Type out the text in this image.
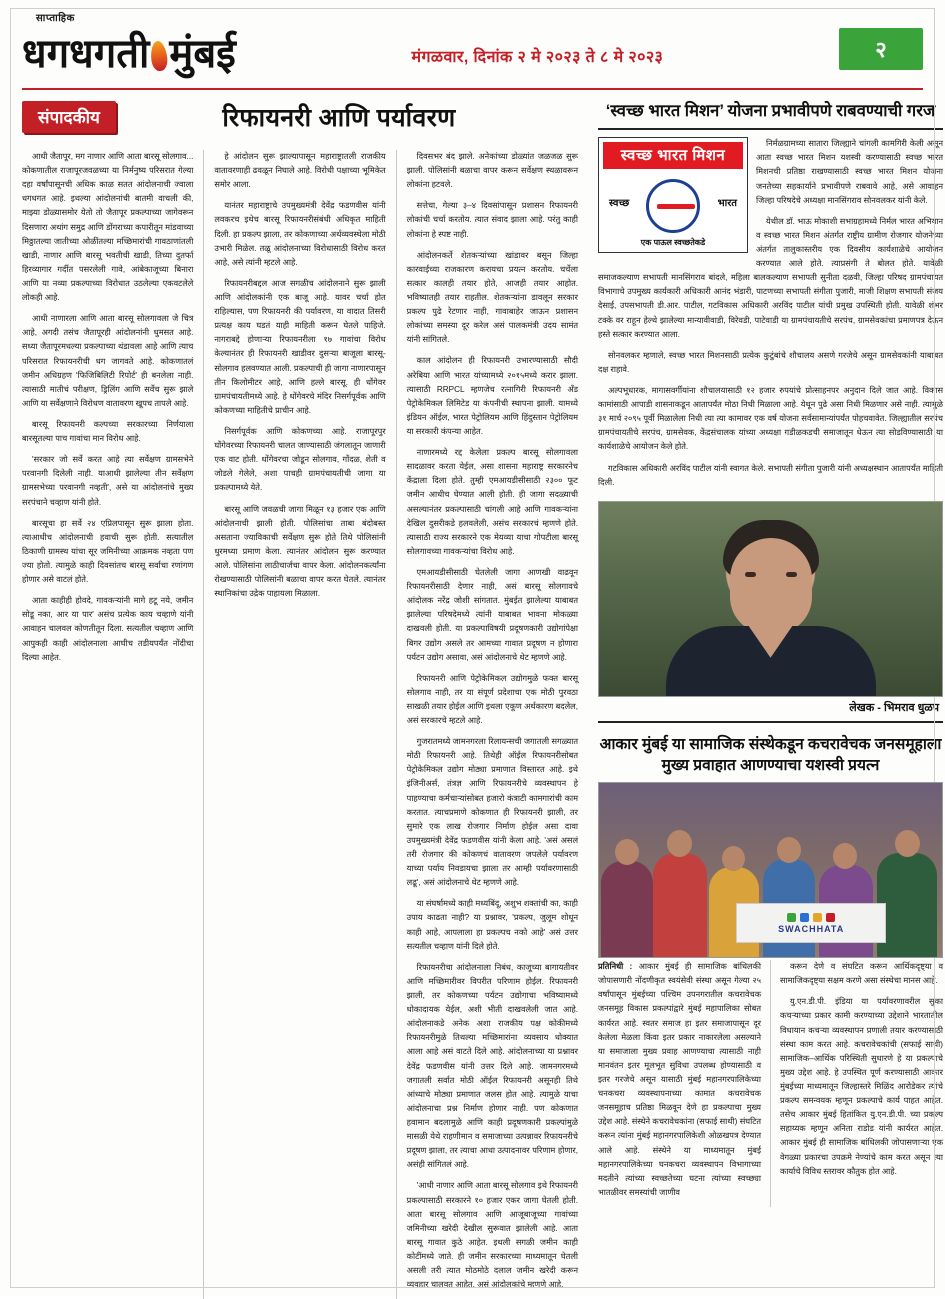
साप्ताहिक
धगधगती मुंबई	मंगळवार, दिनांक २ मे २०२३ ते ८ मे २०२३	२
संपादकीय	रिफायनरी आणि पर्यावरण

आधी जैतापूर, मग नाणार आणि आता बारसू सोलगाव... कोकणातील राजापूरजवळच्या या निर्मनुष्य परिसरात गेल्या दहा वर्षांपासूनची अधिक काळ सतत आंदोलनाची ज्वाला धगधगत आहे. इथल्या आंदोलनांची बातमी वाचली की, माझ्या डोळ्यासमोर येतो तो जैतापूर प्रकल्पाच्या जागेवरून दिसणारा अथांग समुद्र आणि डोंगराच्या कपारीतून मांडवाच्या मिठ्ठातल्या जातीच्या ओळींतल्या मच्छिमारांची गावठाणांतली खाडी, नाणार आणि बारसू भवतीची खाडी, तिच्या दुतर्फा हिरव्यागार गर्दीत पसरलेली गावे, आंबेकाजूच्या बिनारा आणि या नव्या प्रकल्पाच्या विरोधात उठलेल्या एकवटलेले लोकही आहे.

आधी नाणारला आणि आता बारसू सोलगावला जे चित्र आहे, अगदी तसंच जैतापूरही आंदोलनांनी धुमसत आहे. सध्या जैतापूरमधल्या प्रकल्पाच्या थंडावला आहे आणि त्याच परिसरात रिफायनरीची धग जागवते आहे. कोकणातलं जमीन अधिग्रहण 'फिजिबिलिटी रिपोर्ट' ही बनलेला नाही. त्यासाठी मातीचं परीक्षण, ड्रिलिंग आणि सर्वेच सुरू झाले आणि या सर्वेक्षणाने विरोधण वातावरण खूपच तापले आहे.

बारसू रिफायनरी कल्पच्या सरकारच्या निर्णयाला बारसूतल्या पाच गावांचा मान विरोध आहे.

'सरकार जो सर्वे करत आहे त्या सर्वेक्षण ग्रामसभेने परवानगी दिलेली नाही. याआधी झालेल्या तीन सर्वेक्षण ग्रामसभेच्या परवानगी नव्हती', असे या आंदोलनांचे मुख्य सरपंचाने चव्हाण यांनी होते.

बारसूचा हा सर्वे २४ एप्रिलपासून सुरू झाला होता. त्याआधीच आंदोलनाची हवाची सुरू होती. सत्यातील ठिकाणी ग्रामस्थ यांचा सूर जमिनीच्या आक्रमक नव्हता पण ज्या होतो. त्यामुळे काही दिवसांतच बारसू सर्वाचा रणांगण होणार असे वाटलं होते.

आता काहीही होवदे, गावकऱ्यांनी मागे हटू नये, जमीन सोडू नका, आर या पार' असंच प्रत्येक काय चव्हाणे यांनी आवाहन चालवल कोणतीतून दिला. सत्यतील चव्हाण आणि आपुकही काही आंदोलनाला आघीच तडीयपर्यंत नोंदीचा दिल्या आहेत.

हे आंदोलन सुरू झाल्यापासून महाराष्ट्रातली राजकीय वातावरणाही ढवळून निघाले आहे. विरोधी पक्षाच्या भूमिकेत समोर आला.

यानंतर महाराष्ट्राचे उपमुख्यमंत्री देवेंद्र फडणवीस यांनी लवकरच इथेच बारसू रिफायनरीसंबंधी अधिकृत माहिती दिली. हा प्रकल्प झाला, तर कोकणाच्या अर्थव्यवस्थेला मोठी उभारी मिळेल. तळू आंदोलनाच्या विरोधासाठी विरोध करत आहे, असे त्यांनी म्हटले आहे.

रिफायनरीबद्दल आज सगळीच आंदोलनाने सुरू झाली आणि आंदोलकांनी एक बाजू आहे. यावर चर्चा होत राहिल्यास, पण रिफायनरी की पर्यावरण, या वादात तिसरी प्रत्यक्ष काय घडतं याही माहिती करून घेतले पाहिजे. नागराबद्दे होणाऱ्या रिफायनरीला १७ गावांचा विरोध केल्यानंतर ही रिफायनरी खाडीवर दुसऱ्या बाजूला बारसू-सोलगाव हलवण्यात आली. प्रकल्पाची ही जागा नाणारपासून तीन किलोमीटर आहे, आणि हल्ले बारसू. ही धोंगेवर ग्रामपंचायतीमध्ये आहे. हे धोंगेवरचे मंदिर निसर्गपूर्वक आणि कोकणच्या माहितीचे प्राचीन आहे.

निसर्गपूर्वक आणि कोकणच्या आहे. राजापूरपुर घोंगेवरच्या रिफायनरी चालत जाण्यासाठी जंगलातून जाणारी एक वाट होती. धोंगेवरचा जोडून सोलगाव, गोंदळ, शेती व जोडले गेलेले, अशा पाचही ग्रामपंचायतीची जागा या प्रकल्पामध्ये येते.

बारसू आणि जवळची जागा मिळून १३ हजार एक आणि आंदोलनाची झाली होती. पोलिसांचा ताबा बंदोबस्त असताना ज्याविकाची सर्वेक्षण सुरू होते तिथे पोलिसांनी धुरमध्या प्रमाण केला. त्यानंतर आंदोलन सुरू करण्यात आले. पोलिसांना लाठीचार्जचा वापर केला. आंदोलनकर्त्यांना रोखण्यासाठी पोलिसांनी बळाचा वापर करत घेतले. त्यानंतर स्थानिकांचा उद्रेक पाहायला मिळाला.

दिवसभर बंद झाले. अनेकांच्या डोळ्यांत जळजळ सुरू झाली. पोलिसांनी बळाचा वापर करून सर्वेक्षण स्थळावरून लोकांना हटवले.

सत्तेचा, गेल्या ३–४ दिवसांपासून प्रशासन रिफायनरी लोकांची चर्चा करतोय. त्यात संवाद झाला आहे. परंतु काही लोकांना हे स्पष्ट नाही.

आंदोलनकर्ते शेतकऱ्यांच्या खांडावर बसून जिल्हा कारवाईच्या राजकारण करायचा प्रयत्न करतोय. चर्चेला सत्कार कालही तयार होते, आजही तयार आहोत. भविष्यातही तयार राहतील. शेतकऱ्यांना डावलून सरकार प्रकल्प पुढे रेटणार नाही, गावाबाहेर जाऊन प्रशासन लोकांच्या समस्या दूर करेल असं पालकमंत्री उदय सामंत यांनी सांगितले.

काल आंदोलन ही रिफायनरी उभारण्यासाठी सौदी अरेबिया आणि भारत यांच्यामध्ये २०१५मध्ये करार झाला. त्यासाठी RRPCL म्हणजेच रत्नागिरी रिफायनरी अँड पेट्रोकेमिकल लिमिटेड या कंपनीची स्थापना झाली. यामध्ये इंडियन ऑईल, भारत पेट्रोलियम आणि हिंदुस्तान पेट्रोलियम या सरकारी कंपन्या आहेत.

नाणारमध्ये रद्द केलेला प्रकल्प बारसू सोलगावला सादळावर करता येईल, असा शासना महाराष्ट्र सरकारनेच केंद्राला दिला होते. तुम्ही एमआयडीसीसाठी २३०० फूट जमीन आधीच घेण्यात आली होती. ही जागा सदळ्याची असल्यानंतर प्रकल्पासाठी चांगली आहे आणि गावकऱ्यांना देखिल दुसरीकडे हलवलेली, असंच सरकारचं म्हणणे होते. त्यासाठी राज्य सरकारने एक मेयव्या याचा गोपटीला बारसू सोलगावच्या गावकऱ्यांचा विरोध आहे.

एमआयडीसीसाठी घेतलेली जागा आणखी वाढवून रिफायनरीसाठी देणार नाही, असं बारसू सोलगावचे आंदोलक नरेंद्र जोशी सांगतात. मुंबईत झालेल्या याबाबत झालेल्या परिषदेमध्ये त्यांनी याबाबत भावना मोकळ्या दाखवली होती. या प्रकल्पाविषयी प्रदूषणकारी उद्योगांपेक्षा बिगर उद्योग असले तर आमच्या गावात प्रदूषण न होणारा पर्यटन उद्योग असावा, असं आंदोलनाचे थेट म्हणणे आहे.

रिफायनरी आणि पेट्रोकेमिकल उद्योगमुळे फक्त बारसू सोलगाव नाही, तर या संपूर्ण प्रदेशाचा एक मोठी पुरवठा साखळी तयार होईल आणि इथला एकूण अर्थकारण बदलेल, असं सरकारचे म्हटले आहे.

गुजरातमध्ये जामनगरला रिलायन्सची जगातली सगळ्यात मोठी रिफायनरी आहे. तिथेही ऑईल रिफायनरीसोबत पेट्रोकेमिकल उद्योग मोठ्या प्रमाणात विस्तारत आहे. इथे इंजिनीअर्स, तंत्रज्ञ आणि रिफायनरीचे व्यवस्थापन हे पाहण्याचा कर्मचाऱ्यांसोबत हजारो कंत्राटी कामगारांची काम करतात. त्याचप्रमाणे कोकणात ही रिफायनरी झाली, तर सुमारे एक लाख रोजगार निर्माण होईल असा दावा उपमुख्यमंत्री देवेंद्र फडणवीस यांनी केला आहे. 'असं असलं तरी रोजगार की कोकणचं वातावरण जपलेले पर्यावरण याच्या पर्याय निवडायचा झाला तर आम्ही पर्यावरणासाठी लढू', असं आंदोलनाचे थेट म्हणणे आहे.

या संघर्षामध्ये काही मध्यबिंदू, अशुभ शक्तांची का, काही उपाय काढता नाही? या प्रश्नावर, 'प्रकल्प, जुलूम शोधून काही आहे, आपलाला हा प्रकल्पच नको आहे' असं उत्तर सत्यतील चव्हाण यांनी दिले होते.

रिफायनरीचा आंदोलनाला निबंध, काजूच्या बागायतीवर आणि मच्छिमारीवर विपरीत परिणाम होईल. रिफायनरी झाली, तर कोकणच्या पर्यटन उद्योगाचा भविष्यामध्ये धोकादायक येईल, अशी भीती दाखवलेली जात आहे. आंदोलनाकडे अनेक अशा राजकीय पक्ष कोकीमध्ये रिफायनरीमुळे तिथल्या मच्छिमारांना व्यवसाय धोक्यात आला आहे असं वाटते दिले आहे. आंदोलनाच्या या प्रश्नावर देवेंद्र फडणवीस यांनी उत्तर दिले आहे. जामनगरमध्ये जगातली सर्वात मोठी ऑईल रिफायनरी असूनही तिथे आंध्याचे मोठ्या प्रमाणात जलस होत आहे. त्यामुळे याचा आंदोलनाचा प्रश्न निर्माण होणार नाही. पण कोकणात हवामान बदलामुळे आणि काही प्रदूषणकारी प्रकल्पांमुळे मासळी येथे राहणीमान व समाजाच्या उत्पन्नावर रिफायनरीचे प्रदूषण झाला, तर त्याचा आधा उत्पादनावर परिणाम होणार, असंही सांगितलं आहे.

'आधी नाणार आणि आता बारसू सोलगाव इथे रिफायनरी प्रकल्पासाठी सरकारने १० हजार एकर जागा घेतली होती. आता बारसू सोलगाव आणि आजूबाजूच्या गावांच्या जमिनीच्या खरेदी देखील सुरूवात झालेली आहे. आता बारसू गावात कुठे आहेत. इथली सगळी जमीन काही कोटींमध्ये जाते. ही जमीन सरकारच्या माध्यमातून घेतली असली तरी त्यात मोठमोठे दलाल जमीन खरेदी करून व्यवहार चालवत आहेत, असं आंदोलकांचे म्हणणे आहे.

‘स्वच्छ भारत मिशन’ योजना प्रभावीपणे राबवण्याची गरज
स्वच्छ भारत मिशन
स्वच्छ	भारत
एक पाऊल स्वच्छतेकडे

निर्मळग्रामच्या सातारा जिल्ह्याने चांगली कामगिरी केली असून आता स्वच्छ भारत मिशन यशस्वी करण्यासाठी स्वच्छ भारत मिशनची प्रतिष्ठा राखण्यासाठी स्वच्छ भारत मिशन योजना जनतेच्या सहकार्याने प्रभावीपणे राबवावे आहे, असे आवाहन जिल्हा परिषदेचे अध्यक्षा मानसिंगराव सोनवलकर यांनी केले.

येथील डॉ. भाऊ मोकाशी सभाग्रहामध्ये निर्मल भारत अभियान व स्वच्छ भारत मिशन अंतर्गत राष्ट्रीय ग्रामीण रोजगार योजनेच्या अंतर्गत तालुकास्तरीय एक दिवसीय कार्यशाळेचे आयोजन करण्यात आले होते. त्याप्रसंगी ते बोलत होते. यावेळी समाजकल्याण सभापती मानसिंगराव बांदले, महिला बालकल्याण सभापती सुनीता दळवी, जिल्हा परिषद ग्रामपंचायत विभागाचे उपमुख्य कार्यकारी अधिकारी आनंद भंडारी, पाटणच्या सभापती संगीता पुजारी, माजी शिक्षण सभापती संजय देसाई, उपसभापती डी.आर. पाटील, गटविकास अधिकारी अरविंद पाटील यांची प्रमुख उपस्थिती होती. यावेळी शंभर टक्के वर राहून हेल्थे झालेल्या मान्यावीवाडी, विरेवडी, पाटेवाडी या ग्रामपंचायतीचे सरपंच, ग्रामसेवकांचा प्रमाणपत्र देऊन हस्ते सत्कार करण्यात आला.

सोनवलकर म्हणाले, स्वच्छ भारत मिशनसाठी प्रत्येक कुटुंबांचे शौचालय असणे गरजेचे असून ग्रामसेवकांनी याबाबत दक्ष राहावे.

अल्पभूधारक, मागासवर्गीयांना शौचालयासाठी १२ हजार रुपयांचे प्रोत्साहनपर अनुदान दिले जात आहे. विकास कामांसाठी आपाडी शासनाकडून आतापर्यंत मोठा निधी मिळाला आहे. येथून पुढे असा निधी मिळणार असे नाही. त्यामुळे ३१ मार्च २०९५ पूर्वी मिळालेला निधी त्या त्या कामावर एक वर्ष योजना सर्वसामान्यांपर्यंत पोहचवावेत. जिल्ह्यातील सरपंच ग्रामपंचायतीचे सरपंच, ग्रामसेवक, केंद्रसंचालक यांच्या अध्यक्षा गडीळकडची समाजातून धेऊन त्या सोडविण्यासाठी या कार्यशाळेचे आयोजन केले होते.

गटविकास अधिकारी अरविंद पाटील यांनी स्वागत केले. सभापती संगीता पुजारी यांनी अध्यक्षस्थान आतापर्यंत माहिती दिली.

लेखक - भिमराव धुळप
आकार मुंबई या सामाजिक संस्थेकडून कचरावेचक जनसमूहाला मुख्य प्रवाहात आणण्याचा यशस्वी प्रयत्न
SWACHHATA

प्रतिनिधी : आकार मुंबई ही सामाजिक बांधिलकी जोपासणारी नोंदणीकृत स्वयंसेवी संस्था असून गेल्या २५ वर्षांपासून मुंबईच्या पश्चिम उपनगरातील कचरावेचक जनसमूह विकास प्रकल्पांद्वारे मुंबई महापालिका सोबत कार्यरत आहे. स्वतर समाज हा इतर समाजापासून दूर केलेला मेळला किंवा इतर प्रकार नाकारलेला असल्याने या समाजाला मुख्य प्रवाह आणण्याचा त्यासाठी नाही मानवंतन इतर मूलभूत सुविधा उपलब्ध होण्यासाठी व इतर गरजेचे असून यासाठी मुंबई महानगरपालिकेच्या चनकचरा व्यवस्थापनाच्या कामात कचरावेचक जनसमूहाच प्रतिष्ठा मिळवून देणे हा प्रकल्पाचा मुख्य उद्देश आहे. संस्थेने कचरावेचकांना (सफाई साथी) संघटित करून त्यांना मुंबई महानगरपालिकेशी ओळखपत्र देण्यात आले आहे. संस्थेने या माध्यमातून मुंबई महानगरपालिकेच्या घनकचरा व्यवस्थापन विभागाच्या मदतीने त्यांच्या स्वच्छतेच्या घटना त्यांच्या स्वच्छ्या भातळीवर समस्यांची जाणीव

करून देणे व संघटित करून आर्थिकदृष्ट्या व सामाजिकदृष्ट्या सक्षम करणे असा संस्थेचा मानस आहे.

यु.एन.डी.पी. इंडिया या पर्यावरणावरील सुका कचऱ्याच्या प्रकार कामी करण्याच्या उद्देशाने भारतातील विधायान कचऱ्या व्यवस्थापन प्रणाली तयार करण्यासाठी संस्था काम करत आहे. कचरावेचकांची (सफाई साथी) सामाजिक–आर्थिक परिस्थिती सुधारणे हे या प्रकल्पाचे मुख्य उद्देश आहे. हे उपस्थित पूर्ण करण्यासाठी आकार मुंबईच्या माध्यमातून जिल्हास्तरे मिळिंद आरोडेकर त्यांचे प्रकल्प समन्वयक म्हणून प्रकल्पाचे कार्य पाहत आहेत. तसेच आकार मुंबई हितांकित यु.एन.डी.पी. च्या प्रकल्प सहाय्यक म्हणून अनिता राडोड यांनी कार्यरत आहेत. आकार मुंबई ही सामाजिक बांधिलकी जोपासणाऱ्या एक वेगळ्या प्रकारचा उपक्रमे नेण्यांचे काम करत असून त्या कार्याचे विविध स्तरावर कौतुक होत आहे.
